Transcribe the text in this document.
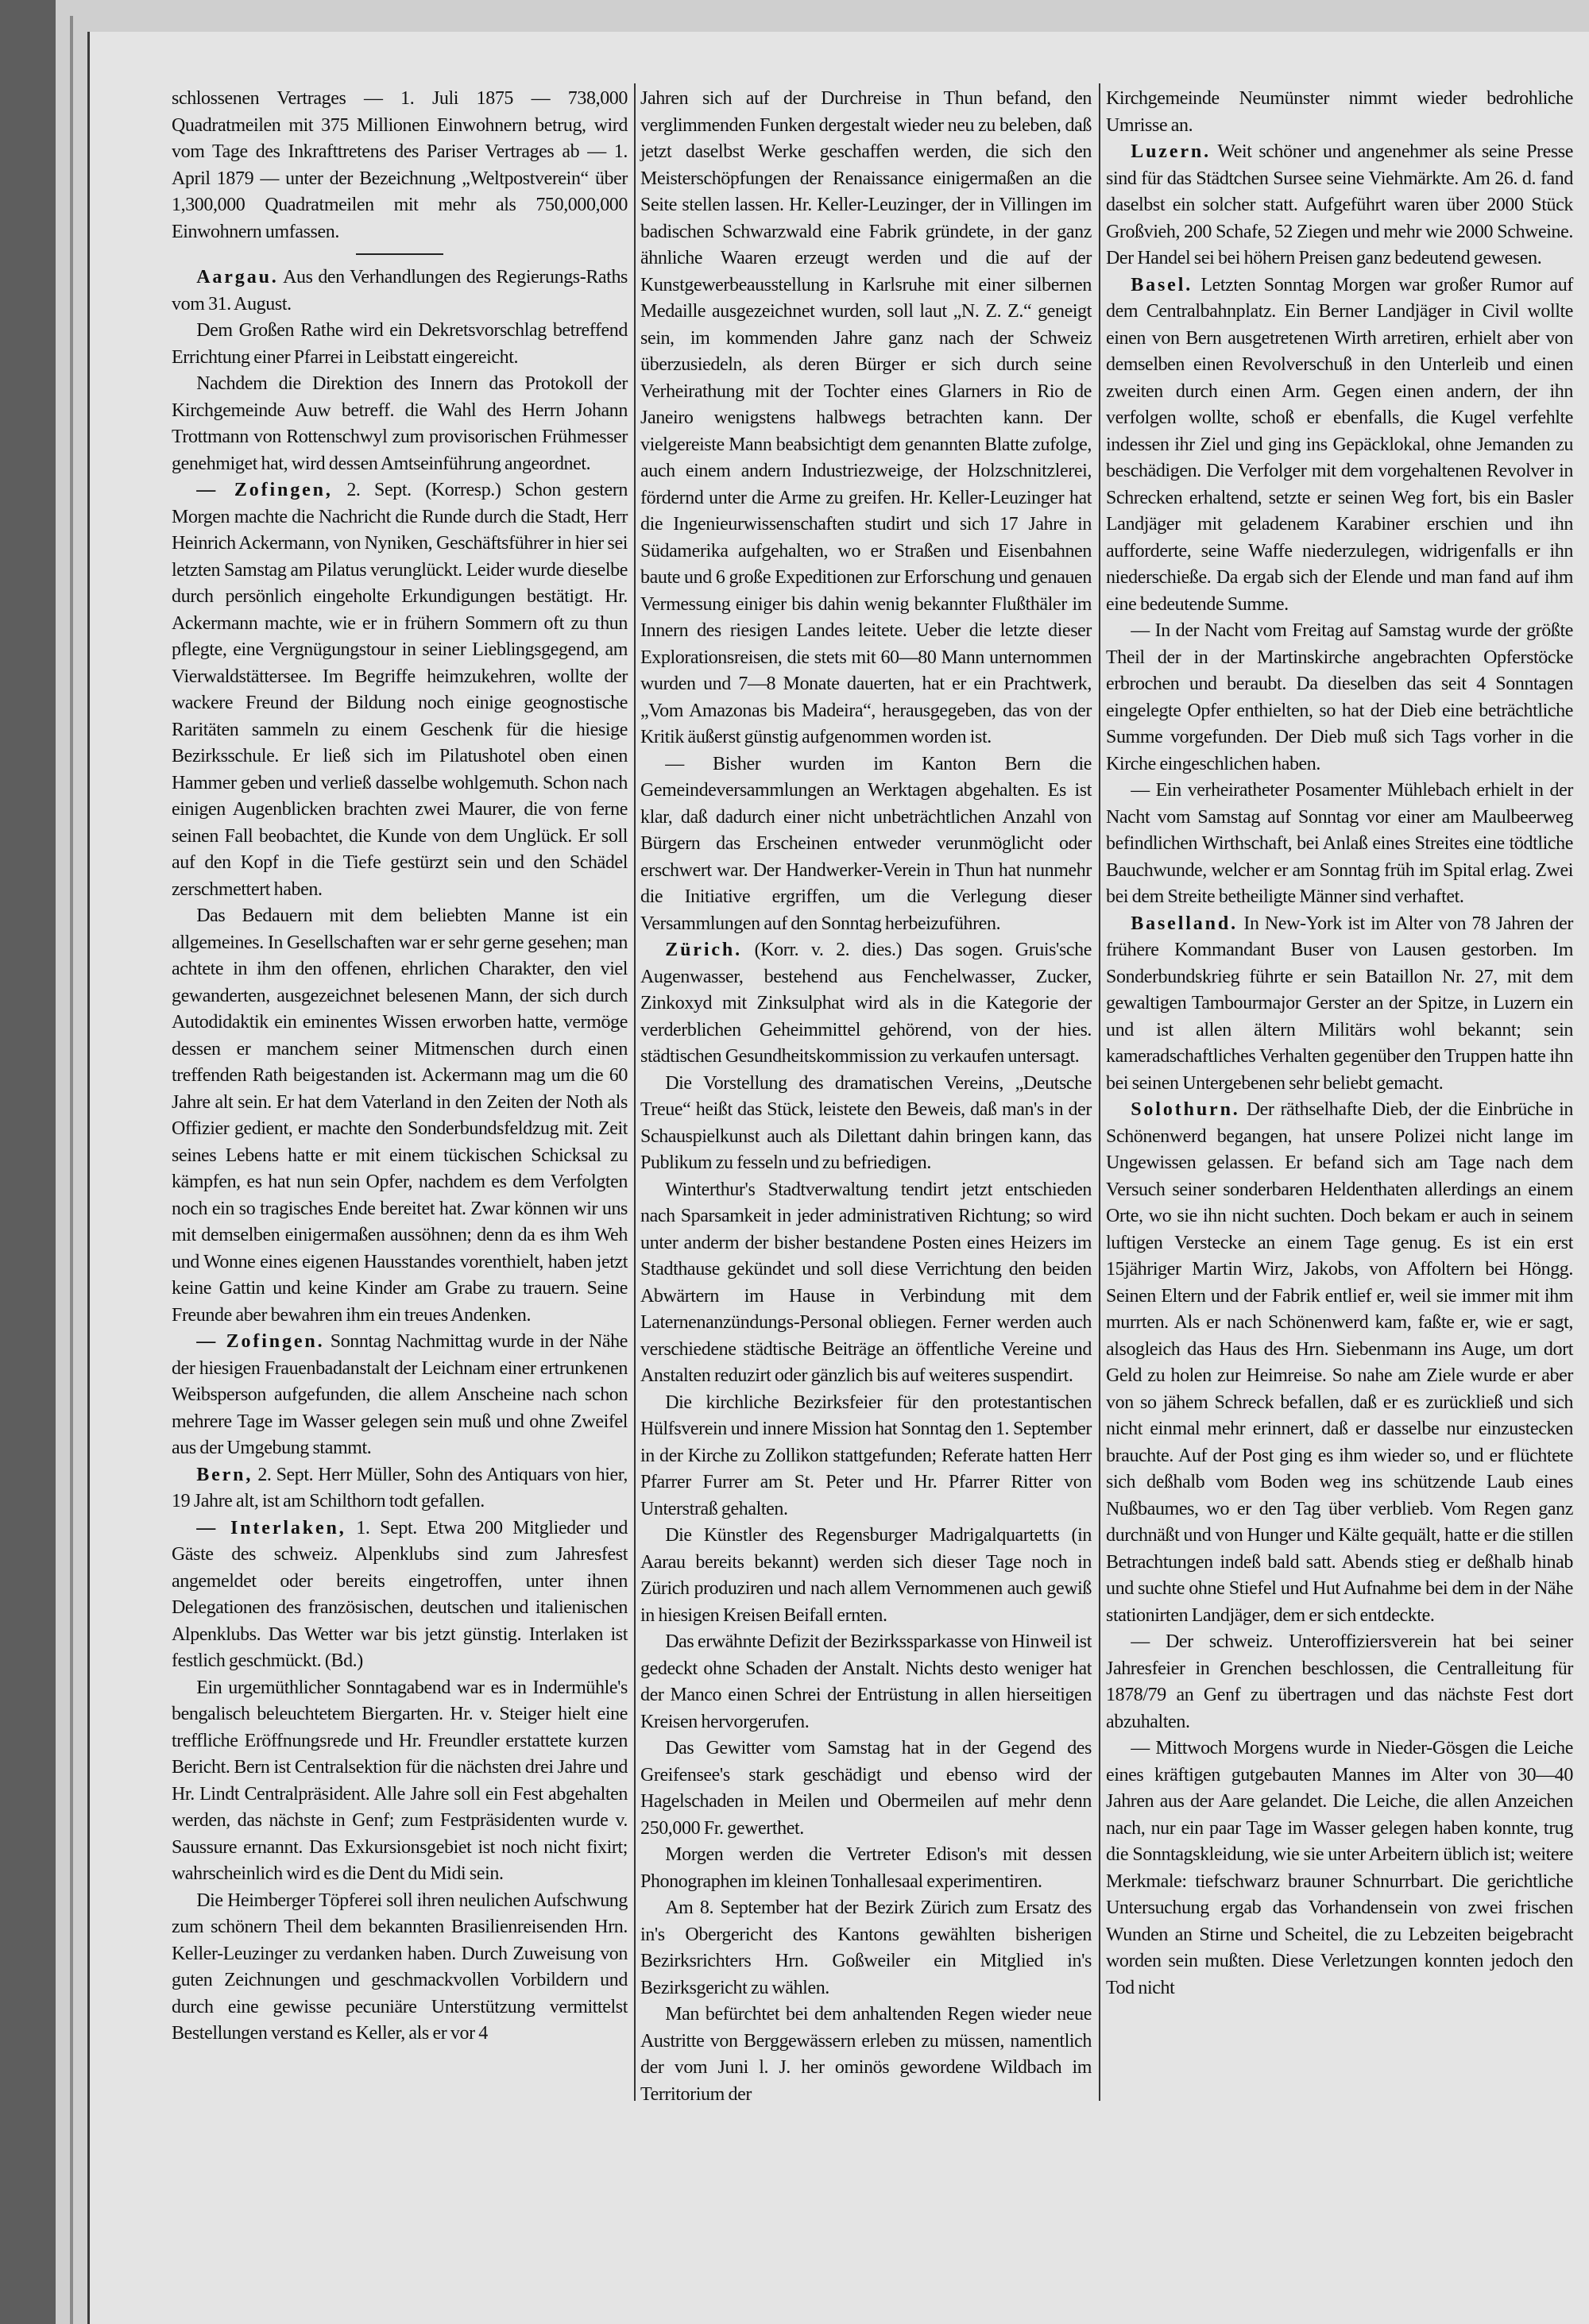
schlossenen Vertrages — 1. Juli 1875 — 738,000 Quadratmeilen mit 375 Millionen Einwohnern betrug, wird vom Tage des Inkrafttretens des Pariser Vertrages ab — 1. April 1879 — unter der Bezeichnung „Weltpostverein“ über 1,300,000 Quadratmeilen mit mehr als 750,000,000 Einwohnern umfassen.

Aargau. Aus den Verhandlungen des Regierungs-Raths vom 31. August.

Dem Großen Rathe wird ein Dekretsvorschlag betreffend Errichtung einer Pfarrei in Leibstatt eingereicht.

Nachdem die Direktion des Innern das Protokoll der Kirchgemeinde Auw betreff. die Wahl des Herrn Johann Trottmann von Rottenschwyl zum provisorischen Frühmesser genehmiget hat, wird dessen Amtseinführung angeordnet.

— Zofingen, 2. Sept. (Korresp.) Schon gestern Morgen machte die Nachricht die Runde durch die Stadt, Herr Heinrich Ackermann, von Nyniken, Geschäftsführer in hier sei letzten Samstag am Pilatus verunglückt. Leider wurde dieselbe durch persönlich eingeholte Erkundigungen bestätigt. Hr. Ackermann machte, wie er in frühern Sommern oft zu thun pflegte, eine Vergnügungstour in seiner Lieblingsgegend, am Vierwaldstättersee. Im Begriffe heimzukehren, wollte der wackere Freund der Bildung noch einige geognostische Raritäten sammeln zu einem Geschenk für die hiesige Bezirksschule. Er ließ sich im Pilatushotel oben einen Hammer geben und verließ dasselbe wohlgemuth. Schon nach einigen Augenblicken brachten zwei Maurer, die von ferne seinen Fall beobachtet, die Kunde von dem Unglück. Er soll auf den Kopf in die Tiefe gestürzt sein und den Schädel zerschmettert haben.

Das Bedauern mit dem beliebten Manne ist ein allgemeines. In Gesellschaften war er sehr gerne gesehen; man achtete in ihm den offenen, ehrlichen Charakter, den viel gewanderten, ausgezeichnet belesenen Mann, der sich durch Autodidaktik ein eminentes Wissen erworben hatte, vermöge dessen er manchem seiner Mitmenschen durch einen treffenden Rath beigestanden ist. Ackermann mag um die 60 Jahre alt sein. Er hat dem Vaterland in den Zeiten der Noth als Offizier gedient, er machte den Sonderbundsfeldzug mit. Zeit seines Lebens hatte er mit einem tückischen Schicksal zu kämpfen, es hat nun sein Opfer, nachdem es dem Verfolgten noch ein so tragisches Ende bereitet hat. Zwar können wir uns mit demselben einigermaßen aussöhnen; denn da es ihm Weh und Wonne eines eigenen Hausstandes vorenthielt, haben jetzt keine Gattin und keine Kinder am Grabe zu trauern. Seine Freunde aber bewahren ihm ein treues Andenken.

— Zofingen. Sonntag Nachmittag wurde in der Nähe der hiesigen Frauenbadanstalt der Leichnam einer ertrunkenen Weibsperson aufgefunden, die allem Anscheine nach schon mehrere Tage im Wasser gelegen sein muß und ohne Zweifel aus der Umgebung stammt.

Bern, 2. Sept. Herr Müller, Sohn des Antiquars von hier, 19 Jahre alt, ist am Schilthorn todt gefallen.

— Interlaken, 1. Sept. Etwa 200 Mitglieder und Gäste des schweiz. Alpenklubs sind zum Jahresfest angemeldet oder bereits eingetroffen, unter ihnen Delegationen des französischen, deutschen und italienischen Alpenklubs. Das Wetter war bis jetzt günstig. Interlaken ist festlich geschmückt. (Bd.)

Ein urgemüthlicher Sonntagabend war es in Indermühle's bengalisch beleuchtetem Biergarten. Hr. v. Steiger hielt eine treffliche Eröffnungsrede und Hr. Freundler erstattete kurzen Bericht. Bern ist Centralsektion für die nächsten drei Jahre und Hr. Lindt Centralpräsident. Alle Jahre soll ein Fest abgehalten werden, das nächste in Genf; zum Festpräsidenten wurde v. Saussure ernannt. Das Exkursionsgebiet ist noch nicht fixirt; wahrscheinlich wird es die Dent du Midi sein.

Die Heimberger Töpferei soll ihren neulichen Aufschwung zum schönern Theil dem bekannten Brasilienreisenden Hrn. Keller-Leuzinger zu verdanken haben. Durch Zuweisung von guten Zeichnungen und geschmackvollen Vorbildern und durch eine gewisse pecuniäre Unterstützung vermittelst Bestellungen verstand es Keller, als er vor 4

Jahren sich auf der Durchreise in Thun befand, den verglimmenden Funken dergestalt wieder neu zu beleben, daß jetzt daselbst Werke geschaffen werden, die sich den Meisterschöpfungen der Renaissance einigermaßen an die Seite stellen lassen. Hr. Keller-Leuzinger, der in Villingen im badischen Schwarzwald eine Fabrik gründete, in der ganz ähnliche Waaren erzeugt werden und die auf der Kunstgewerbeausstellung in Karlsruhe mit einer silbernen Medaille ausgezeichnet wurden, soll laut „N. Z. Z.“ geneigt sein, im kommenden Jahre ganz nach der Schweiz überzusiedeln, als deren Bürger er sich durch seine Verheirathung mit der Tochter eines Glarners in Rio de Janeiro wenigstens halbwegs betrachten kann. Der vielgereiste Mann beabsichtigt dem genannten Blatte zufolge, auch einem andern Industriezweige, der Holzschnitzlerei, fördernd unter die Arme zu greifen. Hr. Keller-Leuzinger hat die Ingenieurwissenschaften studirt und sich 17 Jahre in Südamerika aufgehalten, wo er Straßen und Eisenbahnen baute und 6 große Expeditionen zur Erforschung und genauen Vermessung einiger bis dahin wenig bekannter Flußthäler im Innern des riesigen Landes leitete. Ueber die letzte dieser Explorationsreisen, die stets mit 60—80 Mann unternommen wurden und 7—8 Monate dauerten, hat er ein Prachtwerk, „Vom Amazonas bis Madeira“, herausgegeben, das von der Kritik äußerst günstig aufgenommen worden ist.

— Bisher wurden im Kanton Bern die Gemeindeversammlungen an Werktagen abgehalten. Es ist klar, daß dadurch einer nicht unbeträchtlichen Anzahl von Bürgern das Erscheinen entweder verunmöglicht oder erschwert war. Der Handwerker-Verein in Thun hat nunmehr die Initiative ergriffen, um die Verlegung dieser Versammlungen auf den Sonntag herbeizuführen.

Zürich. (Korr. v. 2. dies.) Das sogen. Gruis'sche Augenwasser, bestehend aus Fenchelwasser, Zucker, Zinkoxyd mit Zinksulphat wird als in die Kategorie der verderblichen Geheimmittel gehörend, von der hies. städtischen Gesundheitskommission zu verkaufen untersagt.

Die Vorstellung des dramatischen Vereins, „Deutsche Treue“ heißt das Stück, leistete den Beweis, daß man's in der Schauspielkunst auch als Dilettant dahin bringen kann, das Publikum zu fesseln und zu befriedigen.

Winterthur's Stadtverwaltung tendirt jetzt entschieden nach Sparsamkeit in jeder administrativen Richtung; so wird unter anderm der bisher bestandene Posten eines Heizers im Stadthause gekündet und soll diese Verrichtung den beiden Abwärtern im Hause in Verbindung mit dem Laternenanzündungs-Personal obliegen. Ferner werden auch verschiedene städtische Beiträge an öffentliche Vereine und Anstalten reduzirt oder gänzlich bis auf weiteres suspendirt.

Die kirchliche Bezirksfeier für den protestantischen Hülfsverein und innere Mission hat Sonntag den 1. September in der Kirche zu Zollikon stattgefunden; Referate hatten Herr Pfarrer Furrer am St. Peter und Hr. Pfarrer Ritter von Unterstraß gehalten.

Die Künstler des Regensburger Madrigalquartetts (in Aarau bereits bekannt) werden sich dieser Tage noch in Zürich produziren und nach allem Vernommenen auch gewiß in hiesigen Kreisen Beifall ernten.

Das erwähnte Defizit der Bezirkssparkasse von Hinweil ist gedeckt ohne Schaden der Anstalt. Nichts desto weniger hat der Manco einen Schrei der Entrüstung in allen hierseitigen Kreisen hervorgerufen.

Das Gewitter vom Samstag hat in der Gegend des Greifensee's stark geschädigt und ebenso wird der Hagelschaden in Meilen und Obermeilen auf mehr denn 250,000 Fr. gewerthet.

Morgen werden die Vertreter Edison's mit dessen Phonographen im kleinen Tonhallesaal experimentiren.

Am 8. September hat der Bezirk Zürich zum Ersatz des in's Obergericht des Kantons gewählten bisherigen Bezirksrichters Hrn. Goßweiler ein Mitglied in's Bezirksgericht zu wählen.

Man befürchtet bei dem anhaltenden Regen wieder neue Austritte von Berggewässern erleben zu müssen, namentlich der vom Juni l. J. her ominös gewordene Wildbach im Territorium der

Kirchgemeinde Neumünster nimmt wieder bedrohliche Umrisse an.

Luzern. Weit schöner und angenehmer als seine Presse sind für das Städtchen Sursee seine Viehmärkte. Am 26. d. fand daselbst ein solcher statt. Aufgeführt waren über 2000 Stück Großvieh, 200 Schafe, 52 Ziegen und mehr wie 2000 Schweine. Der Handel sei bei höhern Preisen ganz bedeutend gewesen.

Basel. Letzten Sonntag Morgen war großer Rumor auf dem Centralbahnplatz. Ein Berner Landjäger in Civil wollte einen von Bern ausgetretenen Wirth arretiren, erhielt aber von demselben einen Revolverschuß in den Unterleib und einen zweiten durch einen Arm. Gegen einen andern, der ihn verfolgen wollte, schoß er ebenfalls, die Kugel verfehlte indessen ihr Ziel und ging ins Gepäcklokal, ohne Jemanden zu beschädigen. Die Verfolger mit dem vorgehaltenen Revolver in Schrecken erhaltend, setzte er seinen Weg fort, bis ein Basler Landjäger mit geladenem Karabiner erschien und ihn aufforderte, seine Waffe niederzulegen, widrigenfalls er ihn niederschieße. Da ergab sich der Elende und man fand auf ihm eine bedeutende Summe.

— In der Nacht vom Freitag auf Samstag wurde der größte Theil der in der Martinskirche angebrachten Opferstöcke erbrochen und beraubt. Da dieselben das seit 4 Sonntagen eingelegte Opfer enthielten, so hat der Dieb eine beträchtliche Summe vorgefunden. Der Dieb muß sich Tags vorher in die Kirche eingeschlichen haben.

— Ein verheiratheter Posamenter Mühlebach erhielt in der Nacht vom Samstag auf Sonntag vor einer am Maulbeerweg befindlichen Wirthschaft, bei Anlaß eines Streites eine tödtliche Bauchwunde, welcher er am Sonntag früh im Spital erlag. Zwei bei dem Streite betheiligte Männer sind verhaftet.

Baselland. In New-York ist im Alter von 78 Jahren der frühere Kommandant Buser von Lausen gestorben. Im Sonderbundskrieg führte er sein Bataillon Nr. 27, mit dem gewaltigen Tambourmajor Gerster an der Spitze, in Luzern ein und ist allen ältern Militärs wohl bekannt; sein kameradschaftliches Verhalten gegenüber den Truppen hatte ihn bei seinen Untergebenen sehr beliebt gemacht.

Solothurn. Der räthselhafte Dieb, der die Einbrüche in Schönenwerd begangen, hat unsere Polizei nicht lange im Ungewissen gelassen. Er befand sich am Tage nach dem Versuch seiner sonderbaren Heldenthaten allerdings an einem Orte, wo sie ihn nicht suchten. Doch bekam er auch in seinem luftigen Verstecke an einem Tage genug. Es ist ein erst 15jähriger Martin Wirz, Jakobs, von Affoltern bei Höngg. Seinen Eltern und der Fabrik entlief er, weil sie immer mit ihm murrten. Als er nach Schönenwerd kam, faßte er, wie er sagt, alsogleich das Haus des Hrn. Siebenmann ins Auge, um dort Geld zu holen zur Heimreise. So nahe am Ziele wurde er aber von so jähem Schreck befallen, daß er es zurückließ und sich nicht einmal mehr erinnert, daß er dasselbe nur einzustecken brauchte. Auf der Post ging es ihm wieder so, und er flüchtete sich deßhalb vom Boden weg ins schützende Laub eines Nußbaumes, wo er den Tag über verblieb. Vom Regen ganz durchnäßt und von Hunger und Kälte gequält, hatte er die stillen Betrachtungen indeß bald satt. Abends stieg er deßhalb hinab und suchte ohne Stiefel und Hut Aufnahme bei dem in der Nähe stationirten Landjäger, dem er sich entdeckte.

— Der schweiz. Unteroffiziersverein hat bei seiner Jahresfeier in Grenchen beschlossen, die Centralleitung für 1878/79 an Genf zu übertragen und das nächste Fest dort abzuhalten.

— Mittwoch Morgens wurde in Nieder-Gösgen die Leiche eines kräftigen gutgebauten Mannes im Alter von 30—40 Jahren aus der Aare gelandet. Die Leiche, die allen Anzeichen nach, nur ein paar Tage im Wasser gelegen haben konnte, trug die Sonntagskleidung, wie sie unter Arbeitern üblich ist; weitere Merkmale: tiefschwarz brauner Schnurrbart. Die gerichtliche Untersuchung ergab das Vorhandensein von zwei frischen Wunden an Stirne und Scheitel, die zu Lebzeiten beigebracht worden sein mußten. Diese Verletzungen konnten jedoch den Tod nicht
